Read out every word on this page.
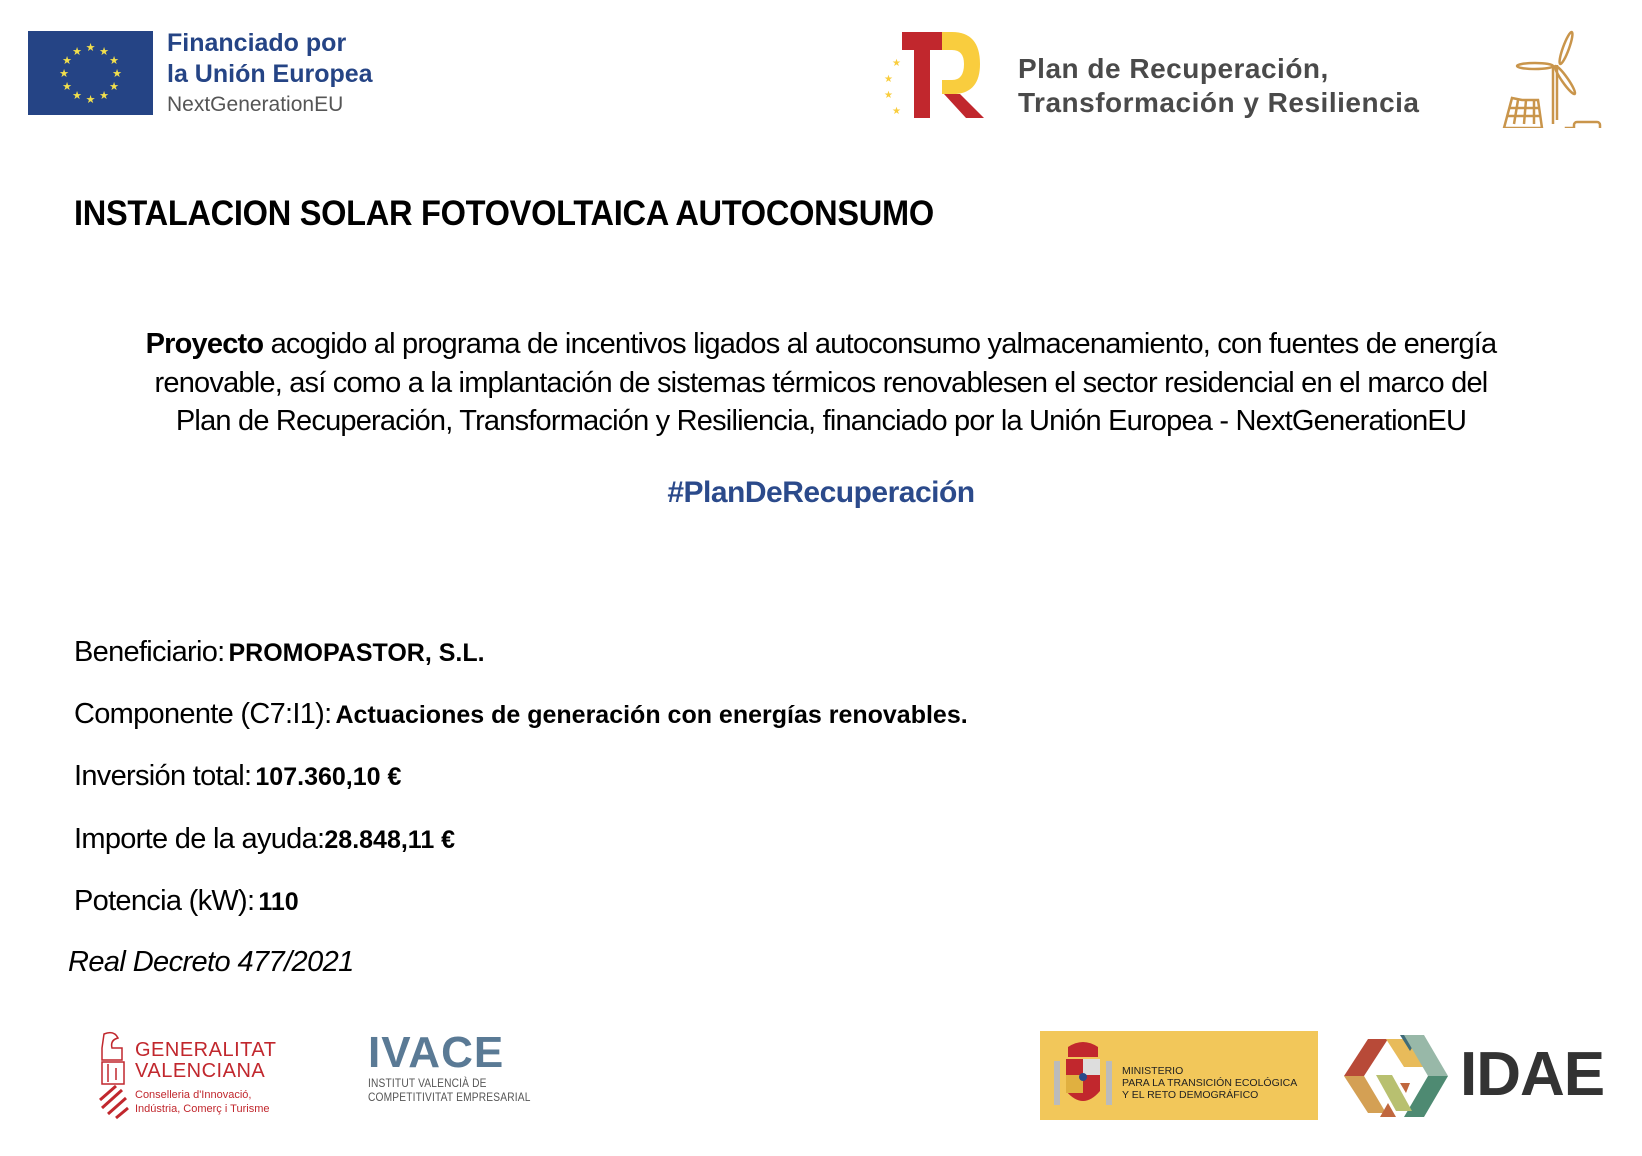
★ ★
★
★
★
★
★
★
★
★
★
★	Financiado por
la Unión Europea
NextGenerationEU
★
★
★
★
Plan de Recuperación,
Transformación y Resiliencia
INSTALACION SOLAR FOTOVOLTAICA AUTOCONSUMO
Proyecto acogido al programa de incentivos ligados al autoconsumo yalmacenamiento, con fuentes de energía
renovable, así como a la implantación de sistemas térmicos renovablesen el sector residencial en el marco del
Plan de Recuperación, Transformación y Resiliencia, financiado por la Unión Europea - NextGenerationEU
#PlanDeRecuperación
Beneficiario: PROMOPASTOR, S.L.
Componente (C7:I1): Actuaciones de generación con energías renovables.
Inversión total: 107.360,10 €
Importe de la ayuda:28.848,11 €
Potencia (kW): 110
Real Decreto 477/2021
GENERALITAT
VALENCIANA
Conselleria d'Innovació,
Indústria, Comerç i Turisme
IVACE
INSTITUT VALENCIÀ DE
COMPETITIVITAT EMPRESARIAL
MINISTERIO
PARA LA TRANSICIÓN ECOLÓGICA
Y EL RETO DEMOGRÁFICO	IDAE
